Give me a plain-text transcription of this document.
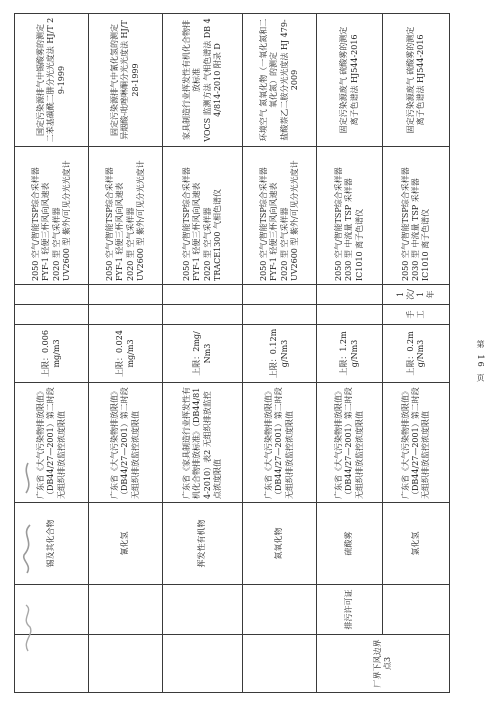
		锡及其化合物	广东省《大气污染物排放限值》（DB44/27—2001）第二时段无组织排放监控浓度限值	上限：0.006mg/m3			2050 空气/智能TSP综合采样器 FYF-1 轻便三杯风向风速表 2020 型 空气采样器 UV2600 型 紫外/可见分光光度计	国定污染源排气中锡酸雾的测定 二苯基碳酰二肼分光光度法 HJ/T 29-1999

		氰化氢	广东省《大气污染物排放限值》（DB44/27—2001）第二时段无组织排放监控浓度限值	上限：0.024mg/m3			2050 空气/智能TSP综合采样器 FYF-1 轻便三杯风向风速表 2020 型 空气采样器 UV2600 型 紫外/可见分光光度计	固定污染源排气中氰化氢的测定 异烟酸-吡唑啉酮分光光度法 HJ/T 28-1999

		挥发性有机物	广东省《家具制造行业挥发性有机化合物排放标准》（DB44/814-2010）表2 无组织排放监控点浓度限值	上限：2mg/Nm3			2050 空气/智能TSP综合采样器 FYF-1 轻便三杯风向风速表 2020 型 空气采样器 TRACE1300 气相色谱仪	家具制造行业挥发性有机化合物排放标准 VOCS 监测方法 气相色谱法 DB 44/814-2010 附录 D

		氮氧化物	广东省《大气污染物排放限值》（DB44/27—2001）第二时段无组织排放监控浓度限值	上限：0.12mg/Nm3			2050 空气/智能TSP综合采样器 FYF-1 轻便三杯风向风速表 2020 型 空气采样器 UV2600 型 紫外/可见分光光度计	环境空气 氮氧化物（一氧化氮和二氧化氮）的测定 盐酸萘乙二胺分光光度法 HJ 479-2009

厂界下风边界点3	排污许可证	硫酸雾	广东省《大气污染物排放限值》（DB44/27—2001）第二时段无组织排放监控浓度限值	上限：1.2mg/Nm3			2050 空气/智能TSP综合采样器 2030 型 中流量 TSP 采样器 IC1010 离子色谱仪	固定污染源废气 硫酸雾的测定 离子色谱法 HJ544-2016

		氯化氢	广东省《大气污染物排放限值》（DB44/27—2001）第二时段无组织排放监控浓度限值	上限：0.2mg/Nm3	手工	1次/1年	2050 空气/智能TSP综合采样器 2030 型 中流量 TSP 采样器 IC1010 离子色谱仪	固定污染源废气 硫酸雾的测定 离子色谱法 HJ544-2016
第 16 页
